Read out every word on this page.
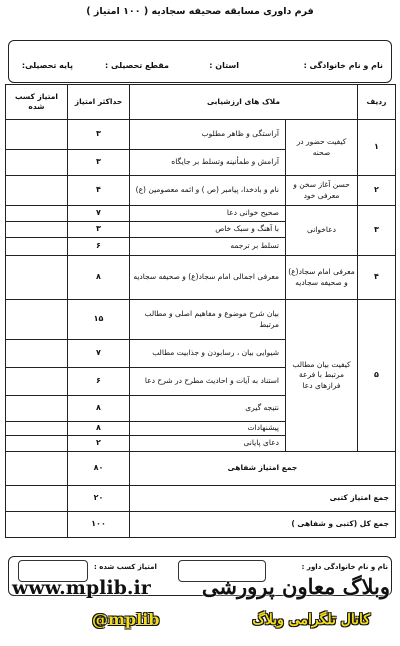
فرم داوری مسابقه صحیفه سجادیه ( ۱۰۰ امتیاز )
نام و نام خانوادگی :
استان :
مقطع تحصیلی :
پایه تحصیلی:
ردیف	ملاک های ارزشیابی		حداکثر امتیاز	امتیاز کسب شده
۱	کیفیت حضور در صحنه	آراستگی و ظاهر مطلوب	۳	
		آرامش و طمأنینه وتسلط بر جایگاه	۳	
۲	حسن آغاز سخن و معرفی خود	نام و بادخدا، پیامبر (ص ) و ائمه معصومین (ع)	۴	
۳	دعاخوانی	صحیح خوانی دعا	۷	
		با آهنگ و سبک خاص	۳	
		تسلط بر ترجمه	۶	
۴	معرفی امام سجاد(ع) و صحیفه سجادیه	معرفی اجمالی امام سجاد(ع) و صحیفه سجادیه	۸	
۵	کیفیت بیان مطالب مرتبط با فرعة فرازهای دعا	بیان شرح موضوع و مفاهیم اصلی و مطالب مرتبط	۱۵	
		شیوایی بیان ، رسابودن و جذابیت مطالب	۷	
		استناد به آیات و احادیث مطرح در شرح دعا	۶	
		نتیجه گیری	۸	
		پیشنهادات	۸	
		دعای پایانی	۲	
جمع امتیاز شفاهی			۸۰	
جمع امتیاز کتبی			۲۰	
جمع کل (کتبی و شفاهی )			۱۰۰	
نام و نام خانوادگی داور :
امتیاز کسب شده :
www.mplib.ir وبلاگ معاون پرورشی
کانال تلگرامی وبلاگ
@mplib
